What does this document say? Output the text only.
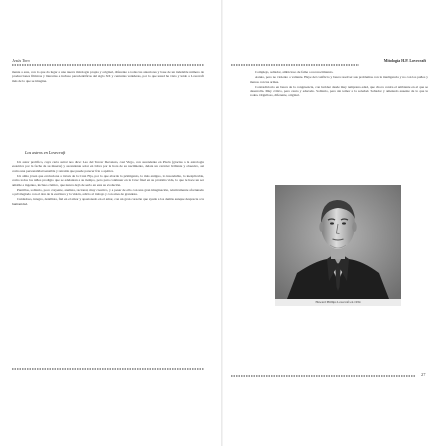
Jesús Toro

mente a este, con lo que da lugar a una nueva mitología propia y original, diferente a todas las anteriores y base de un indeleble número de producciones fílmicas y literarias e incluso paracientíficas del siglo XX y centurias venideras, por lo que usted ha visto y leído a Lovecraft más de lo que se imagina.

Los astros en Lovecraft

Un autor prolífico, cuya carta astral nos dice: Leo del Tercer Decanato, casi Virgo, con ascendente en Piscis (gracias a la astrología esotérica por la fecha de su muerte) y ascendente solar en Libra por la hora de su nacimiento, delata un carácter brillante y obsesivo, así como una personalidad sensible y retraída que puede parecer fría o apática.

Un alma joven que evoluciona a través de la Cruz Fija, por lo que aborda lo primigenio, lo más antiguo, lo insondable, lo inexplicable, como todos los niños prodigio que se adelantan a su tiempo, pero para continuar en la Cruz final en su próxima vida, lo que le hace un ser amable e ingenuo, incluso cómico, que nunca dejó de serlo en esta su evolución.

Pantillos, solitario, poco creyente, analista, racional, muy creativo, y a pesar de ello con una gran imaginación, relativamente afortunado o privilegiado con el don de la escritura y la visión, adicto al trabajo y con aires de grandeza.

Cuidadoso, integro, detallista, fiel en el amor y apasionado en el amor, con un gran corazón que ayuda a los demás aunque desprecie a la humanidad.

Mitología H.P. Lovecraft

Complejo, soñador, ambicioso de fama o reconocimiento.

Astuto, pero no violento o valiente. Huye del conflicto y busca resolver sus problemas con la inteligencia y no con los puños y menos con las armas.

Contradictorio en busca de la congruencia, con lucidez desde muy temprana edad, que choca contra el ambiente en el que se desarrolla. Muy crítico, pero cauto y educado. Solitario, pero sin temor a la soledad. Soñador y amenudo ausente de lo que le rodea. Orgulloso, diferente, original.

Howard Phillips Lovecraft en 1934
27
